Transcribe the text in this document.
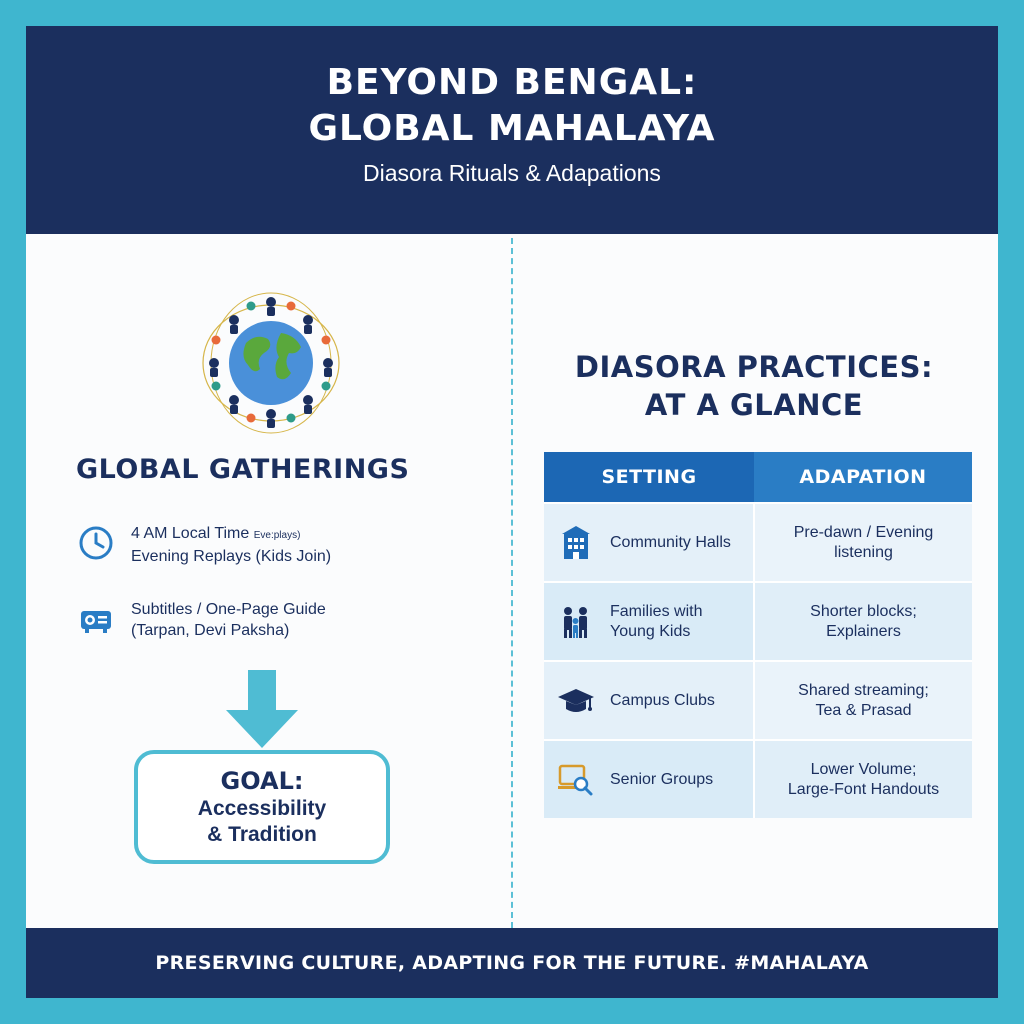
BEYOND BENGAL:
GLOBAL MAHALAYA
Diasora Rituals & Adapations
GLOBAL GATHERINGS
4 AM Local Time Eve:plays)
Evening Replays (Kids Join)
Subtitles / One-Page Guide
(Tarpan, Devi Paksha)
GOAL:
Accessibility
& Tradition
DIASORA PRACTICES:
AT A GLANCE
SETTING	ADAPATION
Community Halls
Pre-dawn / Evening
listening
Families with
Young Kids
Shorter blocks;
Explainers
Campus Clubs
Shared streaming;
Tea & Prasad
Senior Groups
Lower Volume;
Large-Font Handouts
PRESERVING CULTURE, ADAPTING FOR THE FUTURE. #MAHALAYA
